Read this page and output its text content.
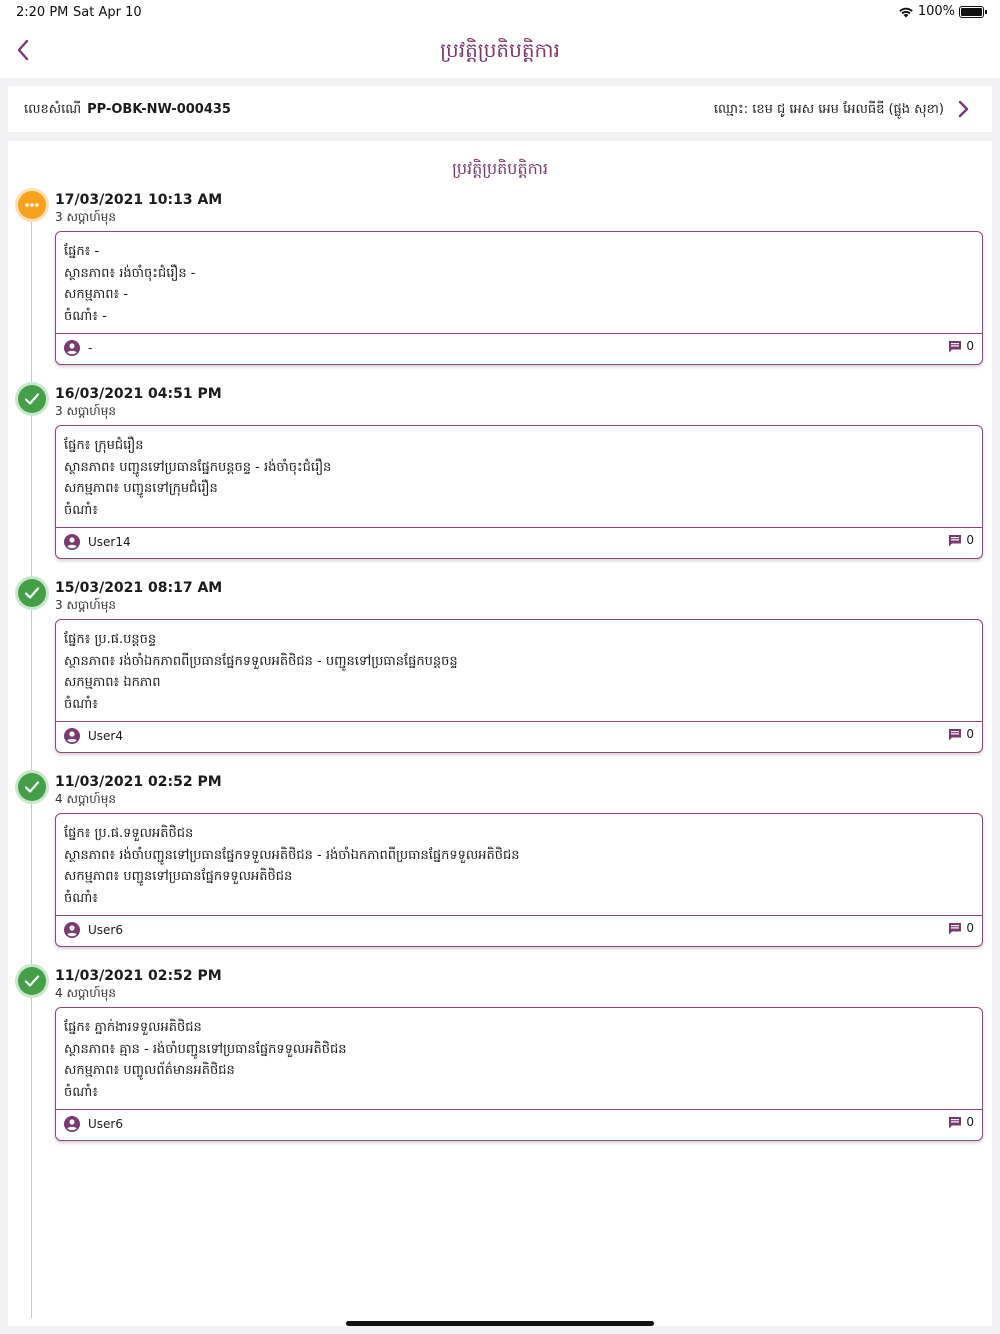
2:20 PM Sat Apr 10	100%
ប្រវត្តិប្រតិបត្តិការ
លេខសំណើ PP-OBK-NW-000435	ឈ្មោះ: ខេម ជូ អេស អេម អែលធីឌី (ផ្លូង សុខា)
ប្រវត្តិប្រតិបត្តិការ
17/03/2021 10:13 AM
3 សប្តាហ៍មុន
ផ្នែក៖ -
ស្ថានភាព៖ រង់ចាំចុះជំរឿន -
សកម្មភាព៖ -
ចំណាំ៖ -
-	0
16/03/2021 04:51 PM
3 សប្តាហ៍មុន
ផ្នែក៖ ក្រុមជំរឿន
ស្ថានភាព៖ បញ្ជូនទៅប្រធានផ្នែកបន្តចន្ទ - រង់ចាំចុះជំរឿន
សកម្មភាព៖ បញ្ជូនទៅក្រុមជំរឿន
ចំណាំ៖
User14	0
15/03/2021 08:17 AM
3 សប្តាហ៍មុន
ផ្នែក៖ ប្រ.ផ.បន្តចន្ទ
ស្ថានភាព៖ រង់ចាំឯកភាពពីប្រធានផ្នែកទទួលអតិថិជន - បញ្ជូនទៅប្រធានផ្នែកបន្តចន្ទ
សកម្មភាព៖ ឯកភាព
ចំណាំ៖
User4	0
11/03/2021 02:52 PM
4 សប្តាហ៍មុន
ផ្នែក៖ ប្រ.ផ.ទទួលអតិថិជន
ស្ថានភាព៖ រង់ចាំបញ្ជូនទៅប្រធានផ្នែកទទួលអតិថិជន - រង់ចាំឯកភាពពីប្រធានផ្នែកទទួលអតិថិជន
សកម្មភាព៖ បញ្ជូនទៅប្រធានផ្នែកទទួលអតិថិជន
ចំណាំ៖
User6	0
11/03/2021 02:52 PM
4 សប្តាហ៍មុន
ផ្នែក៖ ភ្នាក់ងារទទួលអតិថិជន
ស្ថានភាព៖ គ្មាន - រង់ចាំបញ្ជូនទៅប្រធានផ្នែកទទួលអតិថិជន
សកម្មភាព៖ បញ្ចូលព័ត៌មានអតិថិជន
ចំណាំ៖
User6	0
